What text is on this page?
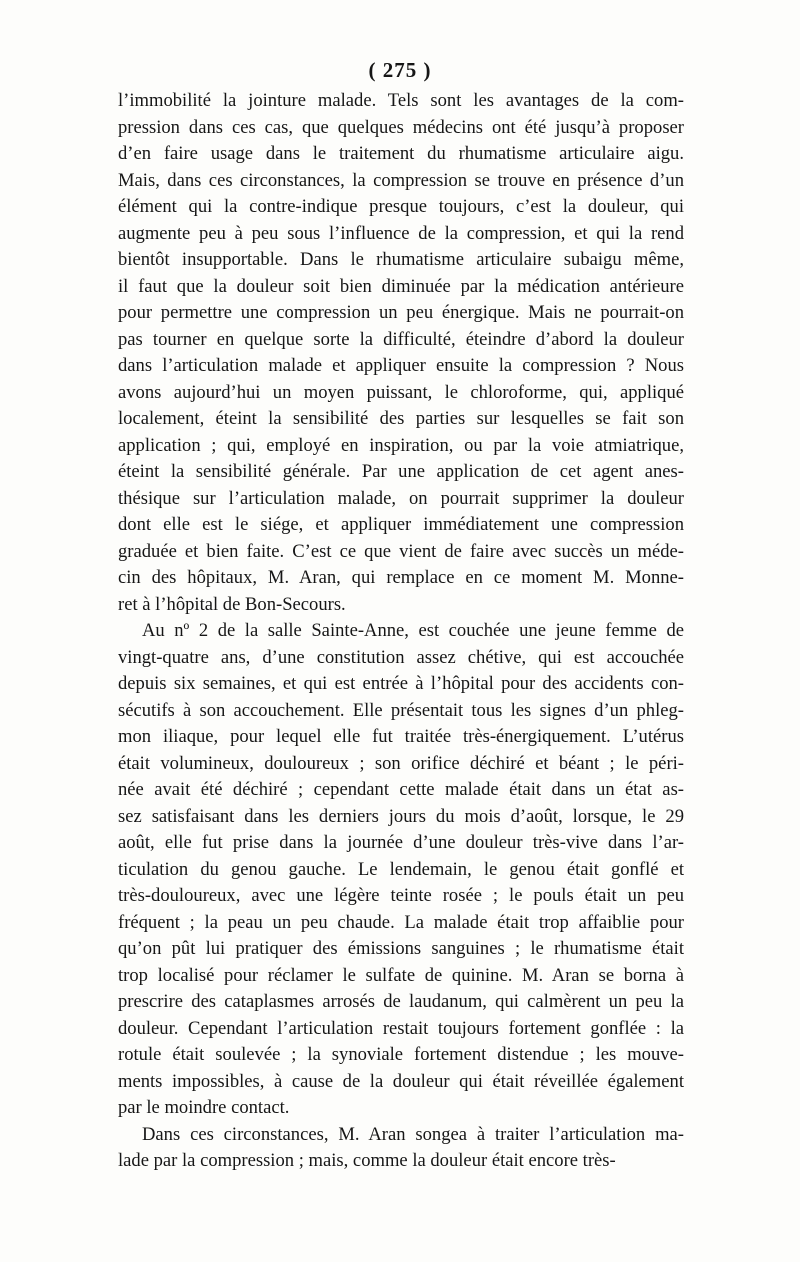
( 275 )
l’immobilité la jointure malade. Tels sont les avantages de la com-
pression dans ces cas, que quelques médecins ont été jusqu’à proposer
d’en faire usage dans le traitement du rhumatisme articulaire aigu.
Mais, dans ces circonstances, la compression se trouve en présence d’un
élément qui la contre-indique presque toujours, c’est la douleur, qui
augmente peu à peu sous l’influence de la compression, et qui la rend
bientôt insupportable. Dans le rhumatisme articulaire subaigu même,
il faut que la douleur soit bien diminuée par la médication antérieure
pour permettre une compression un peu énergique. Mais ne pourrait-on
pas tourner en quelque sorte la difficulté, éteindre d’abord la douleur
dans l’articulation malade et appliquer ensuite la compression ? Nous
avons aujourd’hui un moyen puissant, le chloroforme, qui, appliqué
localement, éteint la sensibilité des parties sur lesquelles se fait son
application ; qui, employé en inspiration, ou par la voie atmiatrique,
éteint la sensibilité générale. Par une application de cet agent anes-
thésique sur l’articulation malade, on pourrait supprimer la douleur
dont elle est le siége, et appliquer immédiatement une compression
graduée et bien faite. C’est ce que vient de faire avec succès un méde-
cin des hôpitaux, M. Aran, qui remplace en ce moment M. Monne-
ret à l’hôpital de Bon-Secours.
Au nº 2 de la salle Sainte-Anne, est couchée une jeune femme de
vingt-quatre ans, d’une constitution assez chétive, qui est accouchée
depuis six semaines, et qui est entrée à l’hôpital pour des accidents con-
sécutifs à son accouchement. Elle présentait tous les signes d’un phleg-
mon iliaque, pour lequel elle fut traitée très-énergiquement. L’utérus
était volumineux, douloureux ; son orifice déchiré et béant ; le péri-
née avait été déchiré ; cependant cette malade était dans un état as-
sez satisfaisant dans les derniers jours du mois d’août, lorsque, le 29
août, elle fut prise dans la journée d’une douleur très-vive dans l’ar-
ticulation du genou gauche. Le lendemain, le genou était gonflé et
très-douloureux, avec une légère teinte rosée ; le pouls était un peu
fréquent ; la peau un peu chaude. La malade était trop affaiblie pour
qu’on pût lui pratiquer des émissions sanguines ; le rhumatisme était
trop localisé pour réclamer le sulfate de quinine. M. Aran se borna à
prescrire des cataplasmes arrosés de laudanum, qui calmèrent un peu la
douleur. Cependant l’articulation restait toujours fortement gonflée : la
rotule était soulevée ; la synoviale fortement distendue ; les mouve-
ments impossibles, à cause de la douleur qui était réveillée également
par le moindre contact.
Dans ces circonstances, M. Aran songea à traiter l’articulation ma-
lade par la compression ; mais, comme la douleur était encore très-
